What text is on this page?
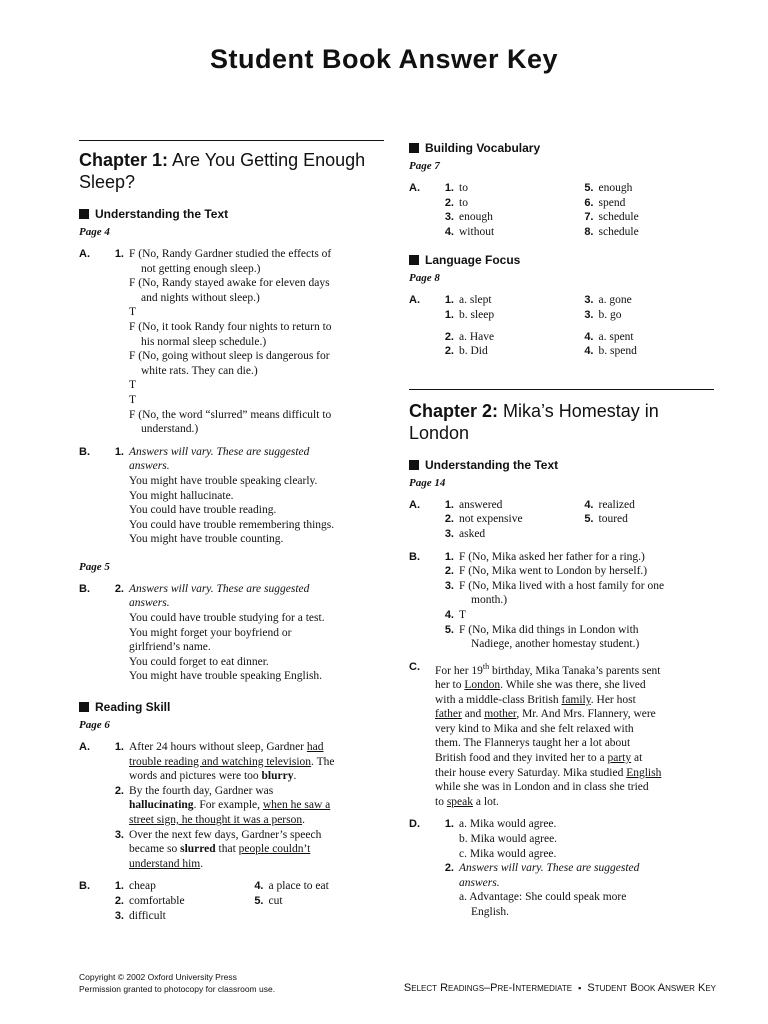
Student Book Answer Key
Chapter 1: Are You Getting Enough Sleep?
Understanding the Text
Page 4
A.	1. F (No, Randy Gardner studied the effects of
not getting enough sleep.)
F (No, Randy stayed awake for eleven days
and nights without sleep.)
T
F (No, it took Randy four nights to return to
his normal sleep schedule.)
F (No, going without sleep is dangerous for
white rats. They can die.)
T
T
F (No, the word “slurred” means difficult to
understand.)
B.	1. Answers will vary. These are suggested
answers.
You might have trouble speaking clearly.
You might hallucinate.
You could have trouble reading.
You could have trouble remembering things.
You might have trouble counting.
Page 5
B.	2. Answers will vary. These are suggested
answers.
You could have trouble studying for a test.
You might forget your boyfriend or
girlfriend’s name.
You could forget to eat dinner.
You might have trouble speaking English.
Reading Skill
Page 6
A.	1. After 24 hours without sleep, Gardner had
trouble reading and watching television. The
words and pictures were too blurry.
2. By the fourth day, Gardner was
hallucinating. For example, when he saw a
street sign, he thought it was a person.
3. Over the next few days, Gardner’s speech
became so slurred that people couldn’t
understand him.
B.	1. cheap
2. comfortable
3. difficult
4. a place to eat
5. cut
Building Vocabulary
Page 7
A.	1. to
2. to
3. enough
4. without
5. enough
6. spend
7. schedule
8. schedule
Language Focus
Page 8
A.	1. a. slept
1. b. sleep
3. a. gone
3. b. go
2. a. Have
2. b. Did
4. a. spent
4. b. spend
Chapter 2: Mika’s Homestay in London
Understanding the Text
Page 14
A.	1. answered
2. not expensive
3. asked
4. realized
5. toured
B.	1. F (No, Mika asked her father for a ring.)
2. F (No, Mika went to London by herself.)
3. F (No, Mika lived with a host family for one
month.)
4. T
5. F (No, Mika did things in London with
Nadiege, another homestay student.)
C.	For her 19th birthday, Mika Tanaka’s parents sent
her to London. While she was there, she lived
with a middle-class British family. Her host
father and mother, Mr. And Mrs. Flannery, were
very kind to Mika and she felt relaxed with
them. The Flannerys taught her a lot about
British food and they invited her to a party at
their house every Saturday. Mika studied English
while she was in London and in class she tried
to speak a lot.
D.	1. a. Mika would agree.
b. Mika would agree.
c. Mika would agree.
2. Answers will vary. These are suggested
answers.
a. Advantage: She could speak more
English.
Copyright © 2002 Oxford University Press
Permission granted to photocopy for classroom use.	Select Readings–Pre-Intermediate ▪ Student Book Answer Key
